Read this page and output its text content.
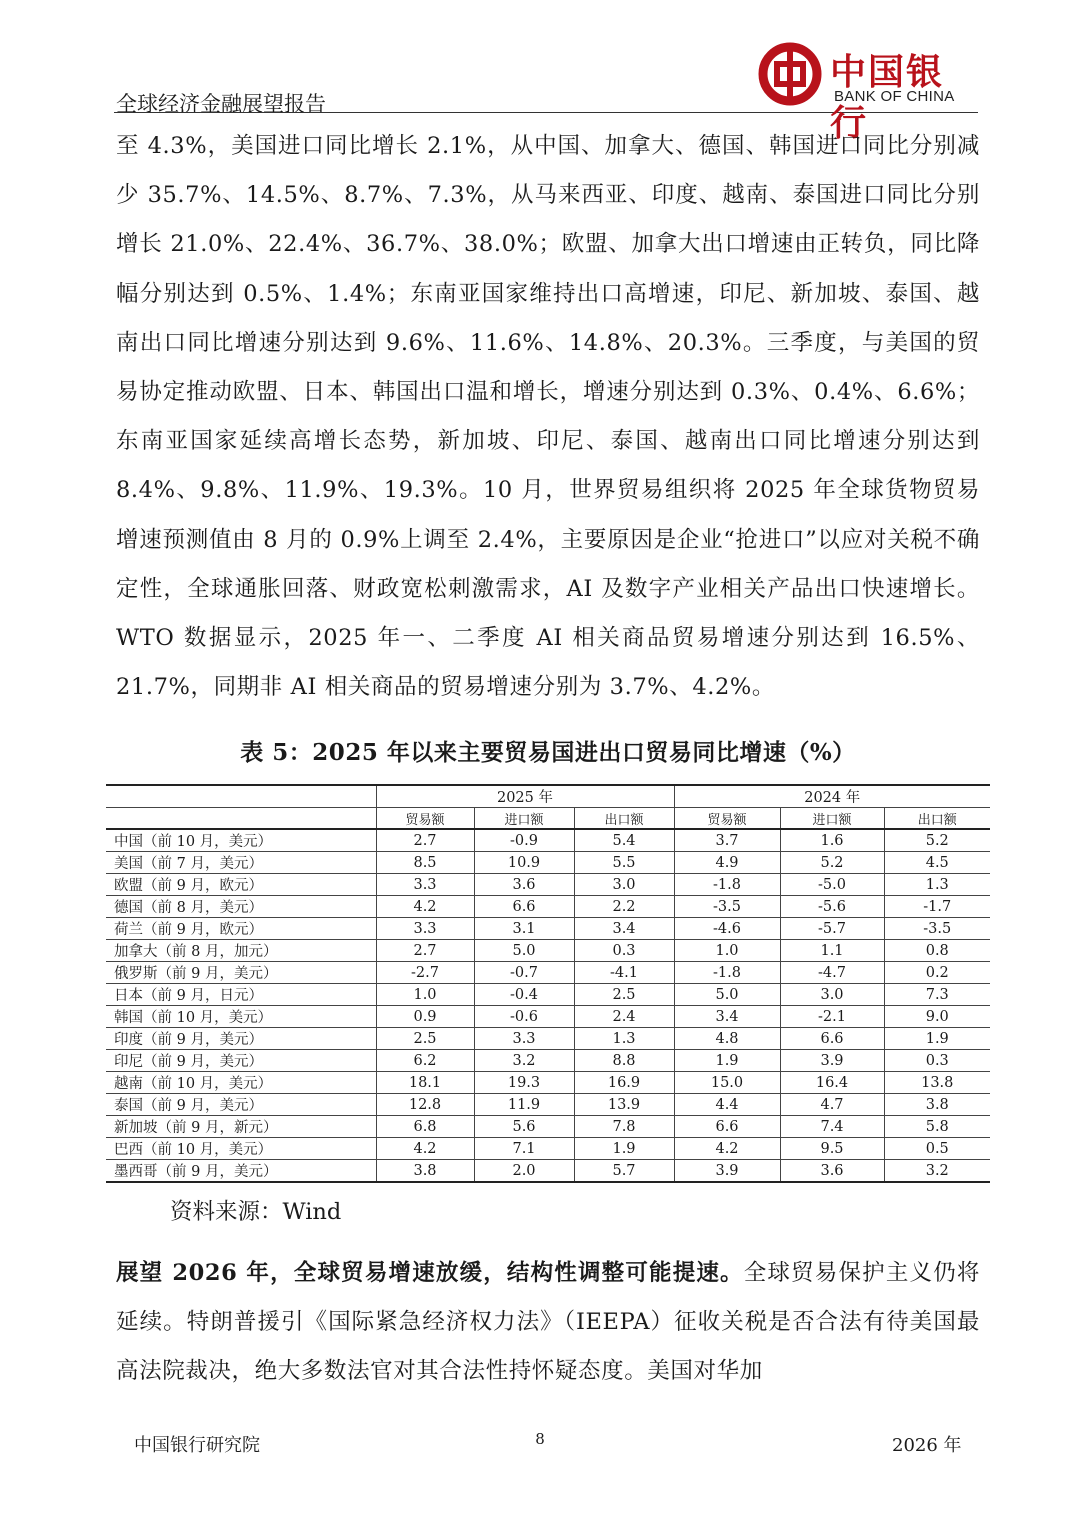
全球经济金融展望报告
中国银行
BANK OF CHINA
至 4.3%，美国进口同比增长 2.1%，从中国、加拿大、德国、韩国进口同比分别减少 35.7%、14.5%、8.7%、7.3%，从马来西亚、印度、越南、泰国进口同比分别增长 21.0%、22.4%、36.7%、38.0%；欧盟、加拿大出口增速由正转负，同比降幅分别达到 0.5%、1.4%；东南亚国家维持出口高增速，印尼、新加坡、泰国、越南出口同比增速分别达到 9.6%、11.6%、14.8%、20.3%。三季度，与美国的贸易协定推动欧盟、日本、韩国出口温和增长，增速分别达到 0.3%、0.4%、6.6%；东南亚国家延续高增长态势，新加坡、印尼、泰国、越南出口同比增速分别达到 8.4%、9.8%、11.9%、19.3%。10 月，世界贸易组织将 2025 年全球货物贸易增速预测值由 8 月的 0.9%上调至 2.4%，主要原因是企业“抢进口”以应对关税不确定性，全球通胀回落、财政宽松刺激需求，AI 及数字产业相关产品出口快速增长。WTO 数据显示，2025 年一、二季度 AI 相关商品贸易增速分别达到 16.5%、21.7%，同期非 AI 相关商品的贸易增速分别为 3.7%、4.2%。
表 5：2025 年以来主要贸易国进出口贸易同比增速（%）
	2025 年			2024 年		
	贸易额	进口额	出口额	贸易额	进口额	出口额
中国（前 10 月，美元）	2.7	-0.9	5.4	3.7	1.6	5.2
美国（前 7 月，美元）	8.5	10.9	5.5	4.9	5.2	4.5
欧盟（前 9 月，欧元）	3.3	3.6	3.0	-1.8	-5.0	1.3
德国（前 8 月，美元）	4.2	6.6	2.2	-3.5	-5.6	-1.7
荷兰（前 9 月，欧元）	3.3	3.1	3.4	-4.6	-5.7	-3.5
加拿大（前 8 月，加元）	2.7	5.0	0.3	1.0	1.1	0.8
俄罗斯（前 9 月，美元）	-2.7	-0.7	-4.1	-1.8	-4.7	0.2
日本（前 9 月，日元）	1.0	-0.4	2.5	5.0	3.0	7.3
韩国（前 10 月，美元）	0.9	-0.6	2.4	3.4	-2.1	9.0
印度（前 9 月，美元）	2.5	3.3	1.3	4.8	6.6	1.9
印尼（前 9 月，美元）	6.2	3.2	8.8	1.9	3.9	0.3
越南（前 10 月，美元）	18.1	19.3	16.9	15.0	16.4	13.8
泰国（前 9 月，美元）	12.8	11.9	13.9	4.4	4.7	3.8
新加坡（前 9 月，新元）	6.8	5.6	7.8	6.6	7.4	5.8
巴西（前 10 月，美元）	4.2	7.1	1.9	4.2	9.5	0.5
墨西哥（前 9 月，美元）	3.8	2.0	5.7	3.9	3.6	3.2
资料来源：Wind
展望 2026 年，全球贸易增速放缓，结构性调整可能提速。全球贸易保护主义仍将延续。特朗普援引《国际紧急经济权力法》（IEEPA）征收关税是否合法有待美国最高法院裁决，绝大多数法官对其合法性持怀疑态度。美国对华加
中国银行研究院	8	2026 年
